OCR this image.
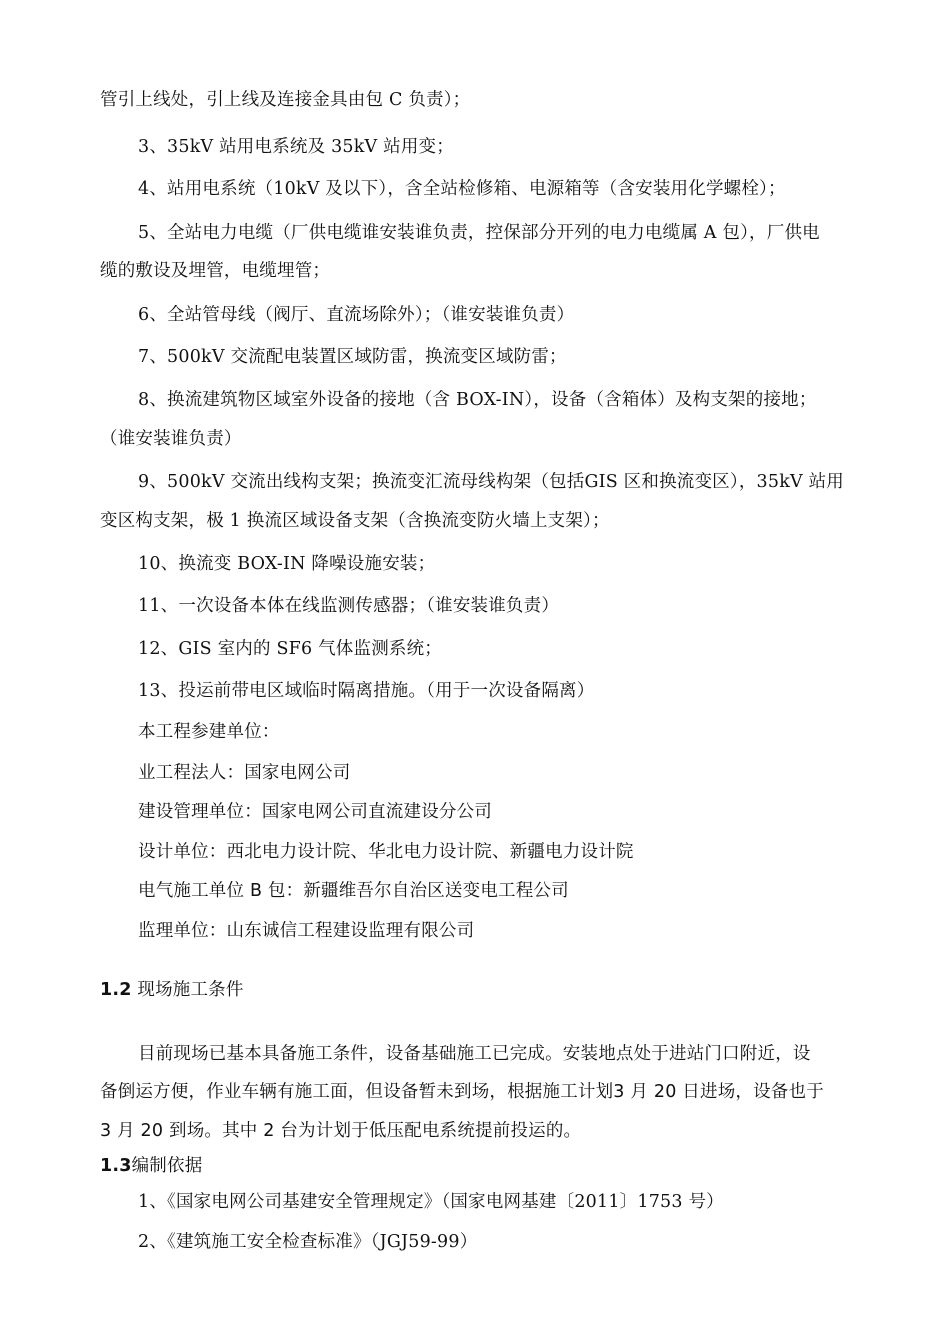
管引上线处，引上线及连接金具由包 C 负责）；
3、35kV 站用电系统及 35kV 站用变；
4、站用电系统（10kV 及以下），含全站检修箱、电源箱等（含安装用化学螺栓）；
5、全站电力电缆（厂供电缆谁安装谁负责，控保部分开列的电力电缆属 A 包），厂供电
缆的敷设及埋管，电缆埋管；
6、全站管母线（阀厅、直流场除外）；（谁安装谁负责）
7、500kV 交流配电装置区域防雷，换流变区域防雷；
8、换流建筑物区域室外设备的接地（含 BOX-IN），设备（含箱体）及构支架的接地；
（谁安装谁负责）
9、500kV 交流出线构支架；换流变汇流母线构架（包括GIS 区和换流变区），35kV 站用
变区构支架，极 1 换流区域设备支架（含换流变防火墙上支架）；
10、换流变 BOX-IN 降噪设施安装；
11、一次设备本体在线监测传感器；（谁安装谁负责）
12、GIS 室内的 SF6 气体监测系统；
13、投运前带电区域临时隔离措施。（用于一次设备隔离）
本工程参建单位：
业工程法人：国家电网公司
建设管理单位：国家电网公司直流建设分公司
设计单位：西北电力设计院、华北电力设计院、新疆电力设计院
电气施工单位 B 包：新疆维吾尔自治区送变电工程公司
监理单位：山东诚信工程建设监理有限公司
1.2 现场施工条件
目前现场已基本具备施工条件，设备基础施工已完成。安装地点处于进站门口附近，设
备倒运方便，作业车辆有施工面，但设备暂未到场，根据施工计划3 月 20 日进场，设备也于
3 月 20 到场。其中 2 台为计划于低压配电系统提前投运的。
1.3编制依据
1、《国家电网公司基建安全管理规定》（国家电网基建〔2011〕1753 号）
2、《建筑施工安全检查标准》（JGJ59-99）
